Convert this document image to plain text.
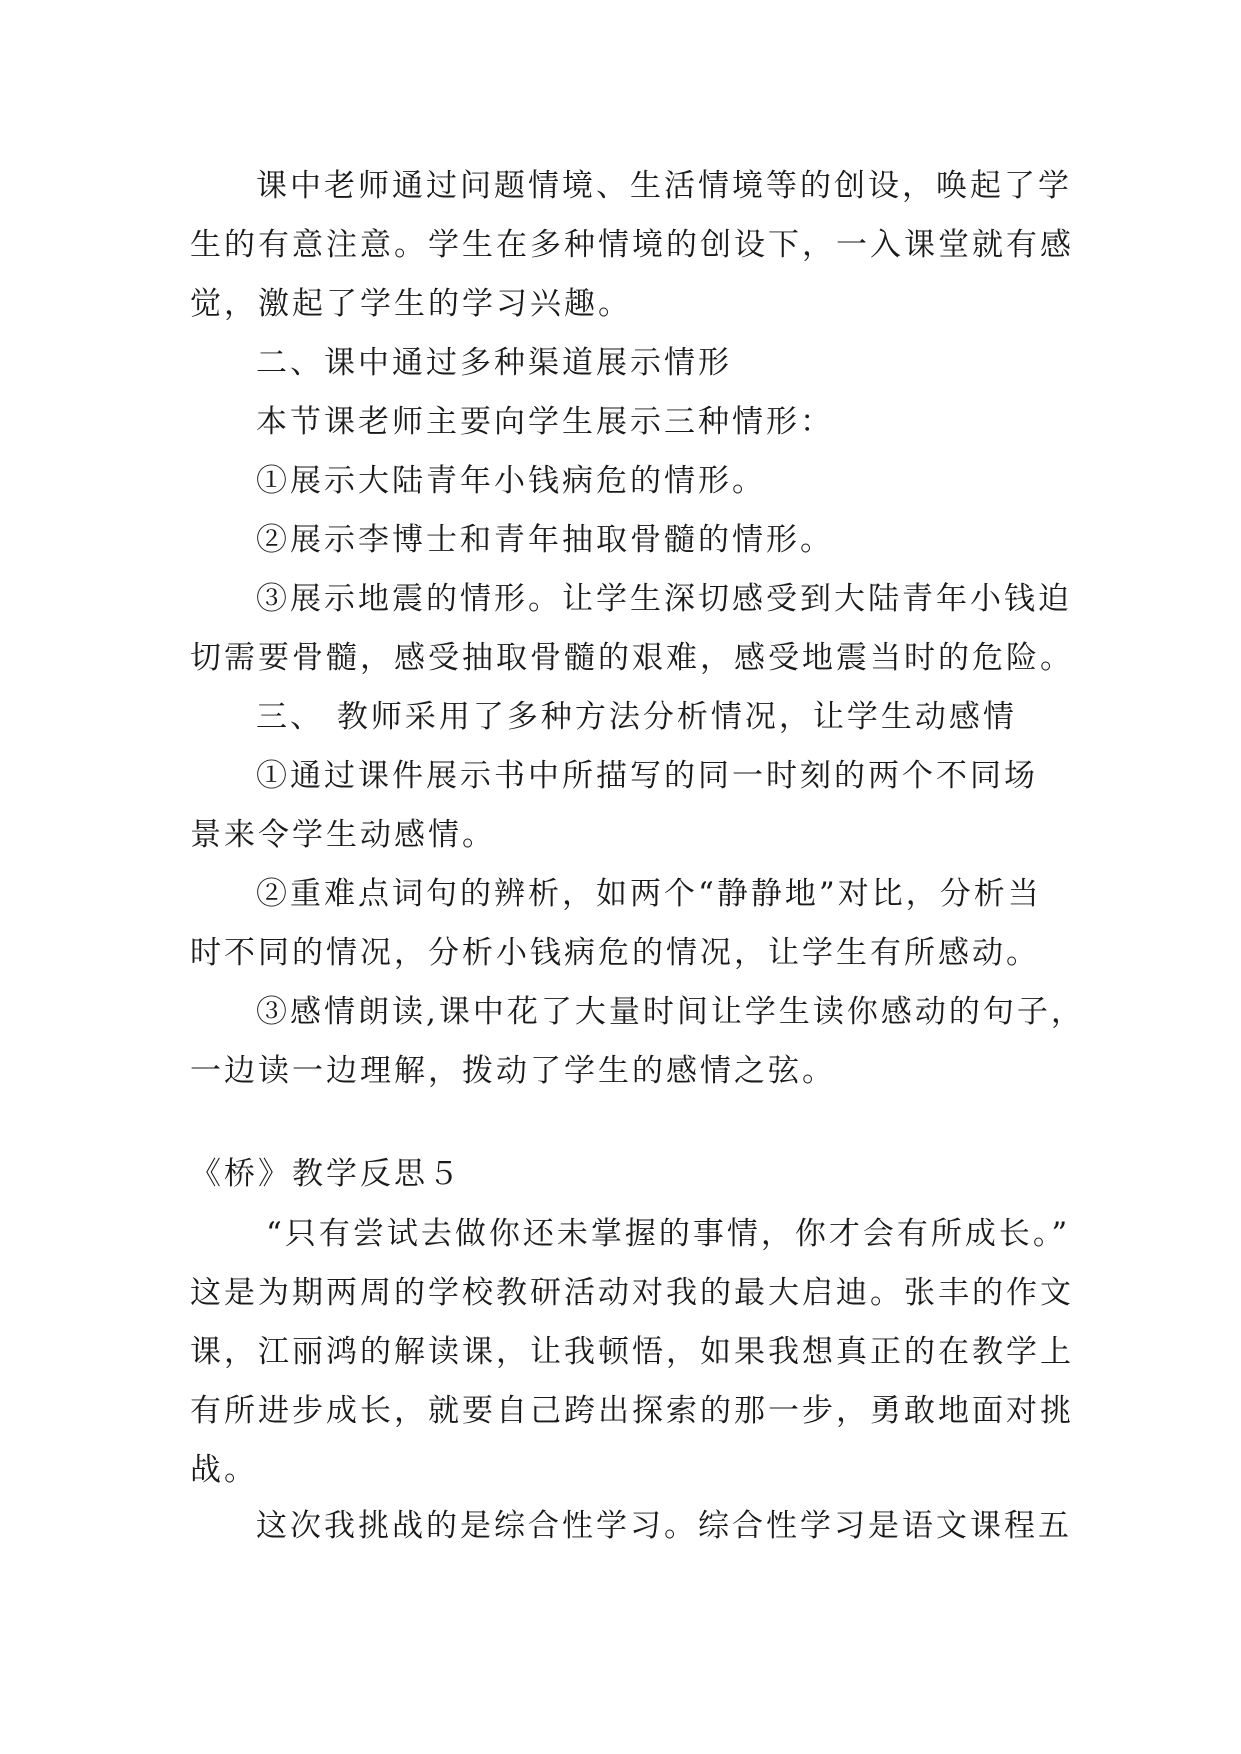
课中老师通过问题情境、生活情境等的创设，唤起了学
生的有意注意。学生在多种情境的创设下，一入课堂就有感
觉，激起了学生的学习兴趣。

二、课中通过多种渠道展示情形

本节课老师主要向学生展示三种情形：

①展示大陆青年小钱病危的情形。

②展示李博士和青年抽取骨髓的情形。

③展示地震的情形。让学生深切感受到大陆青年小钱迫
切需要骨髓，感受抽取骨髓的艰难，感受地震当时的危险。

三、 教师采用了多种方法分析情况，让学生动感情

①通过课件展示书中所描写的同一时刻的两个不同场
景来令学生动感情。

②重难点词句的辨析，如两个“静静地”对比，分析当
时不同的情况，分析小钱病危的情况，让学生有所感动。

③感情朗读,课中花了大量时间让学生读你感动的句子，
一边读一边理解，拨动了学生的感情之弦。

《桥》教学反思５

“只有尝试去做你还未掌握的事情，你才会有所成长。”
这是为期两周的学校教研活动对我的最大启迪。张丰的作文
课，江丽鸿的解读课，让我顿悟，如果我想真正的在教学上
有所进步成长，就要自己跨出探索的那一步，勇敢地面对挑
战。

这次我挑战的是综合性学习。综合性学习是语文课程五
